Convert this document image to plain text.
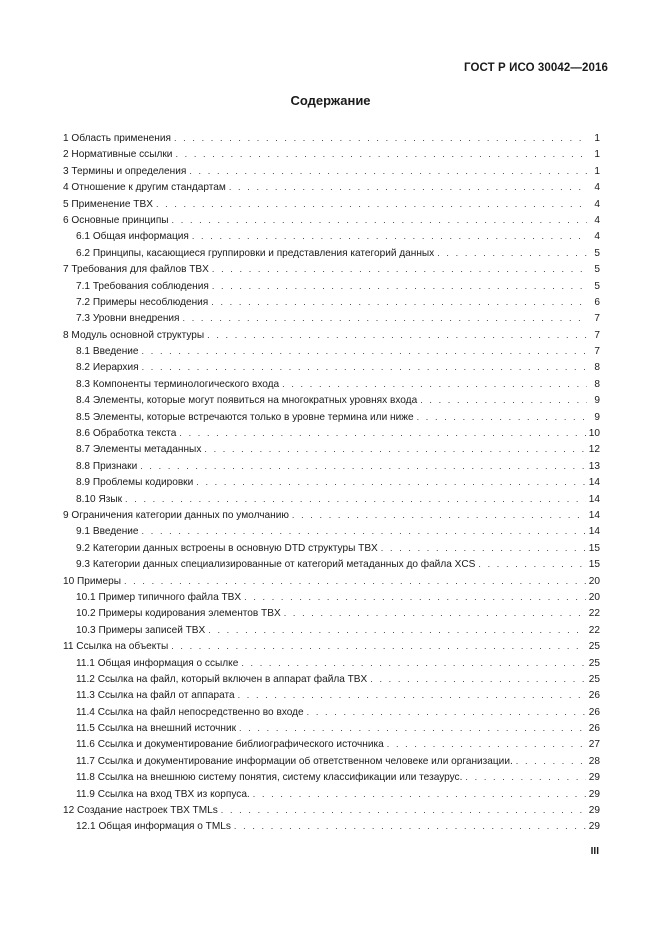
ГОСТ Р ИСО 30042—2016
Содержание
1 Область применения . . .	1
2 Нормативные ссылки . . .	1
3 Термины и определения . . .	1
4 Отношение к другим стандартам . . .	4
5 Применение TBX . . .	4
6 Основные принципы . . .	4
6.1 Общая информация . . .	4
6.2 Принципы, касающиеся группировки и представления категорий данных . . .	5
7 Требования для файлов TBX . . .	5
7.1 Требования соблюдения . . .	5
7.2 Примеры несоблюдения . . .	6
7.3 Уровни внедрения . . .	7
8 Модуль основной структуры . . .	7
8.1 Введение . . .	7
8.2 Иерархия . . .	8
8.3 Компоненты терминологического входа . . .	8
8.4 Элементы, которые могут появиться на многократных уровнях входа . . .	9
8.5 Элементы, которые встречаются только в уровне термина или ниже . . .	9
8.6 Обработка текста . . .	10
8.7 Элементы метаданных . . .	12
8.8 Признаки . . .	13
8.9 Проблемы кодировки . . .	14
8.10 Язык . . .	14
9 Ограничения категории данных по умолчанию . . .	14
9.1 Введение . . .	14
9.2 Категории данных встроены в основную DTD структуры TBX . . .	15
9.3 Категории данных специализированные от категорий метаданных до файла XCS . . .	15
10 Примеры . . .	20
10.1 Пример типичного файла TBX . . .	20
10.2 Примеры кодирования элементов TBX . . .	22
10.3 Примеры записей TBX . . .	22
11 Ссылка на объекты . . .	25
11.1 Общая информация о ссылке . . .	25
11.2 Ссылка на файл, который включен в аппарат файла TBX . . .	25
11.3 Ссылка на файл от аппарата . . .	26
11.4 Ссылка на файл непосредственно во входе . . .	26
11.5 Ссылка на внешний источник . . .	26
11.6 Ссылка и документирование библиографического источника . . .	27
11.7 Ссылка и документирование информации об ответственном человеке или организации. . . .	28
11.8 Ссылка на внешнюю систему понятия, систему классификации или тезаурус. . . .	29
11.9 Ссылка на вход TBX из корпуса. . . .	29
12 Создание настроек TBX TMLs . . .	29
12.1 Общая информация о TMLs . . .	29
III
